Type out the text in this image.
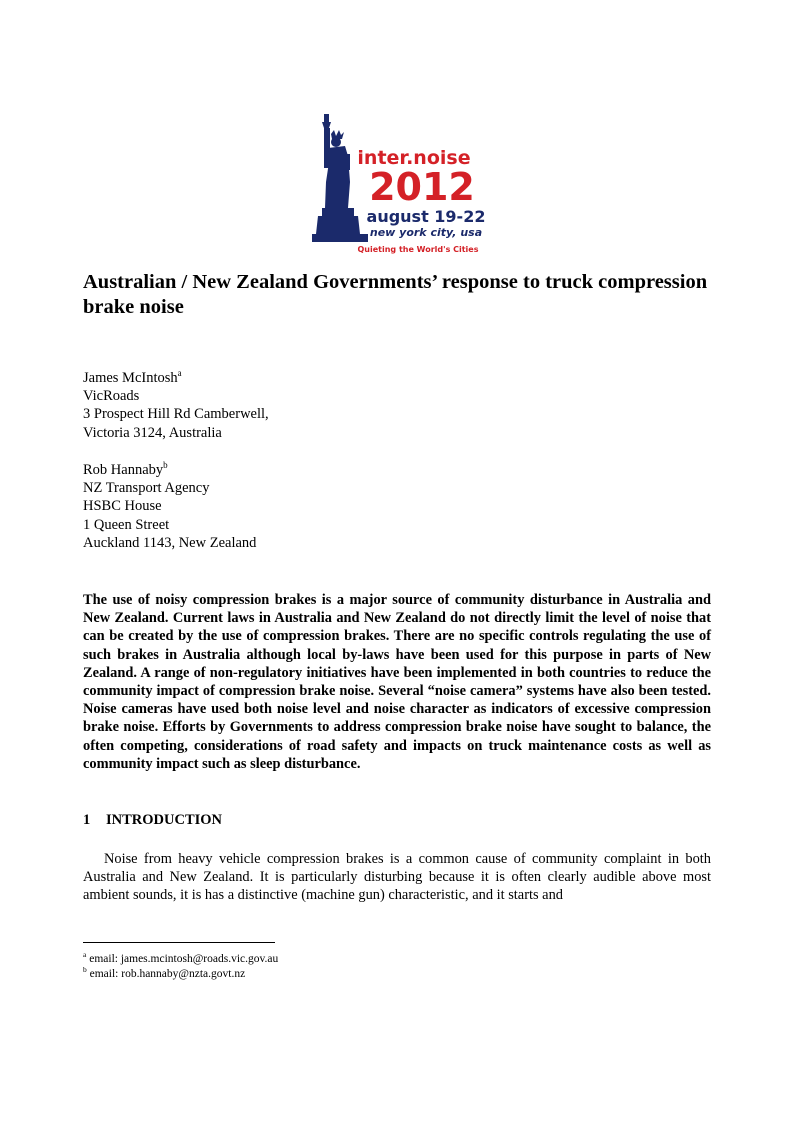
inter.noise
2012
august 19-22
new york city, usa
Quieting the World's Cities
Australian / New Zealand Governments’ response to truck compression brake noise
James McIntosh$^a$
VicRoads
3 Prospect Hill Rd Camberwell,
Victoria 3124, Australia
Rob Hannaby$^b$
NZ Transport Agency
HSBC House
1 Queen Street
Auckland 1143, New Zealand

The use of noisy compression brakes is a major source of community disturbance in Australia and New Zealand. Current laws in Australia and New Zealand do not directly limit the level of noise that can be created by the use of compression brakes. There are no specific controls regulating the use of such brakes in Australia although local by-laws have been used for this purpose in parts of New Zealand. A range of non-regulatory initiatives have been implemented in both countries to reduce the community impact of compression brake noise. Several “noise camera” systems have also been tested. Noise cameras have used both noise level and noise character as indicators of excessive compression brake noise. Efforts by Governments to address compression brake noise have sought to balance, the often competing, considerations of road safety and impacts on truck maintenance costs as well as community impact such as sleep disturbance.

1 INTRODUCTION

Noise from heavy vehicle compression brakes is a common cause of community complaint in both Australia and New Zealand. It is particularly disturbing because it is often clearly audible above most ambient sounds, it is has a distinctive (machine gun) characteristic, and it starts and

$^a$ email: james.mcintosh@roads.vic.gov.au
$^b$ email: rob.hannaby@nzta.govt.nz
